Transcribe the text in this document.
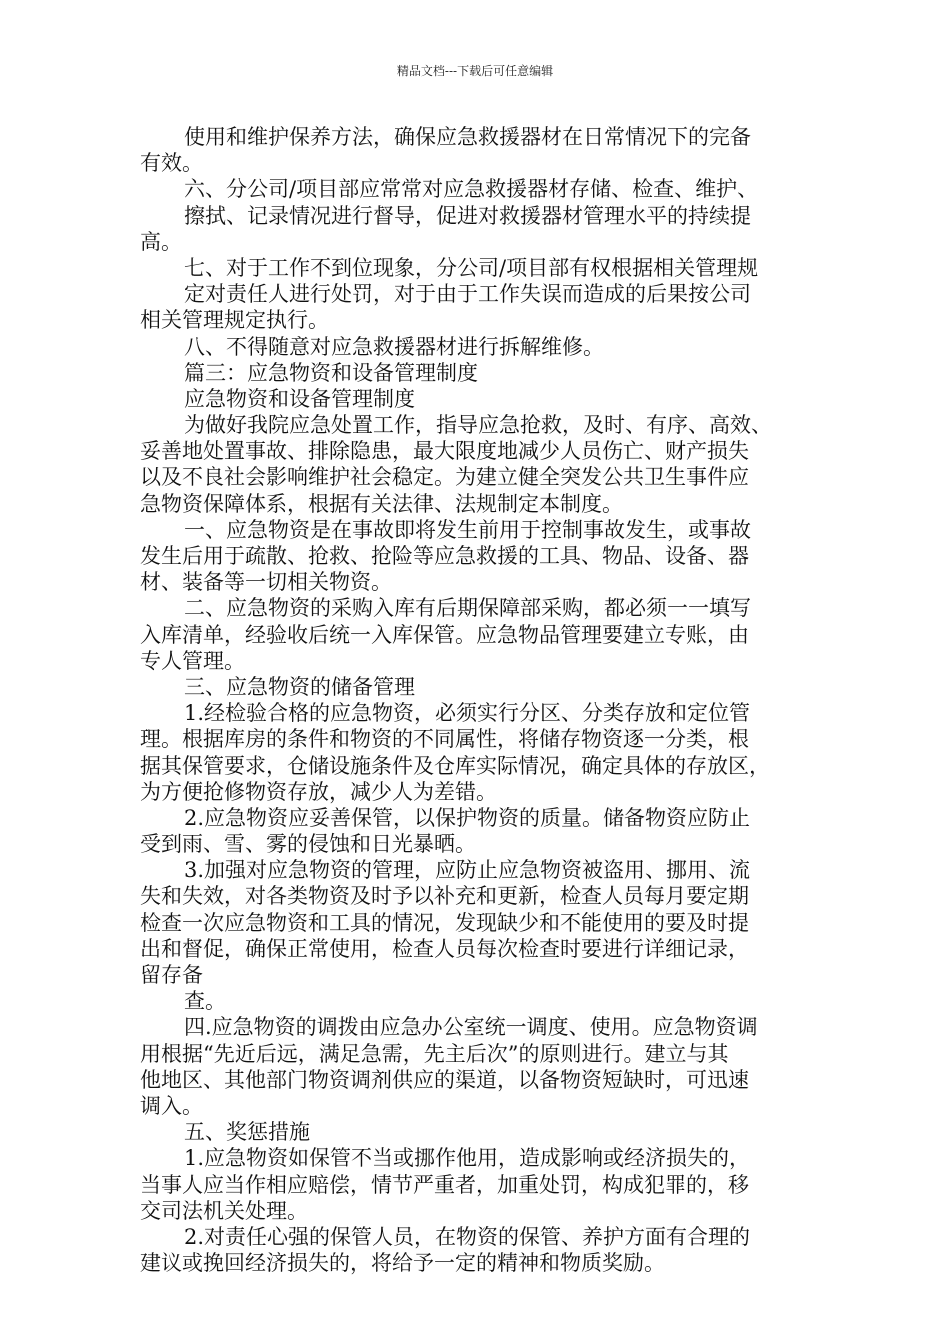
精品文档---下载后可任意编辑
使用和维护保养方法，确保应急救援器材在日常情况下的完备
有效。
六、分公司/项目部应常常对应急救援器材存储、检查、维护、
擦拭、记录情况进行督导，促进对救援器材管理水平的持续提
高。
七、对于工作不到位现象，分公司/项目部有权根据相关管理规
定对责任人进行处罚，对于由于工作失误而造成的后果按公司
相关管理规定执行。
八、不得随意对应急救援器材进行拆解维修。
篇三：应急物资和设备管理制度
应急物资和设备管理制度
为做好我院应急处置工作，指导应急抢救，及时、有序、高效、
妥善地处置事故、排除隐患，最大限度地减少人员伤亡、财产损失
以及不良社会影响维护社会稳定。为建立健全突发公共卫生事件应
急物资保障体系，根据有关法律、法规制定本制度。
一、应急物资是在事故即将发生前用于控制事故发生，或事故
发生后用于疏散、抢救、抢险等应急救援的工具、物品、设备、器
材、装备等一切相关物资。
二、应急物资的采购入库有后期保障部采购，都必须一一填写
入库清单，经验收后统一入库保管。应急物品管理要建立专账，由
专人管理。
三、应急物资的储备管理
1.经检验合格的应急物资，必须实行分区、分类存放和定位管
理。根据库房的条件和物资的不同属性，将储存物资逐一分类，根
据其保管要求，仓储设施条件及仓库实际情况，确定具体的存放区，
为方便抢修物资存放，减少人为差错。
2.应急物资应妥善保管，以保护物资的质量。储备物资应防止
受到雨、雪、雾的侵蚀和日光暴晒。
3.加强对应急物资的管理，应防止应急物资被盗用、挪用、流
失和失效，对各类物资及时予以补充和更新，检查人员每月要定期
检查一次应急物资和工具的情况，发现缺少和不能使用的要及时提
出和督促，确保正常使用，检查人员每次检查时要进行详细记录，
留存备
查。
四.应急物资的调拨由应急办公室统一调度、使用。应急物资调
用根据“先近后远，满足急需，先主后次”的原则进行。建立与其
他地区、其他部门物资调剂供应的渠道，以备物资短缺时，可迅速
调入。
五、奖惩措施
1.应急物资如保管不当或挪作他用，造成影响或经济损失的，
当事人应当作相应赔偿，情节严重者，加重处罚，构成犯罪的，移
交司法机关处理。
2.对责任心强的保管人员，在物资的保管、养护方面有合理的
建议或挽回经济损失的，将给予一定的精神和物质奖励。
